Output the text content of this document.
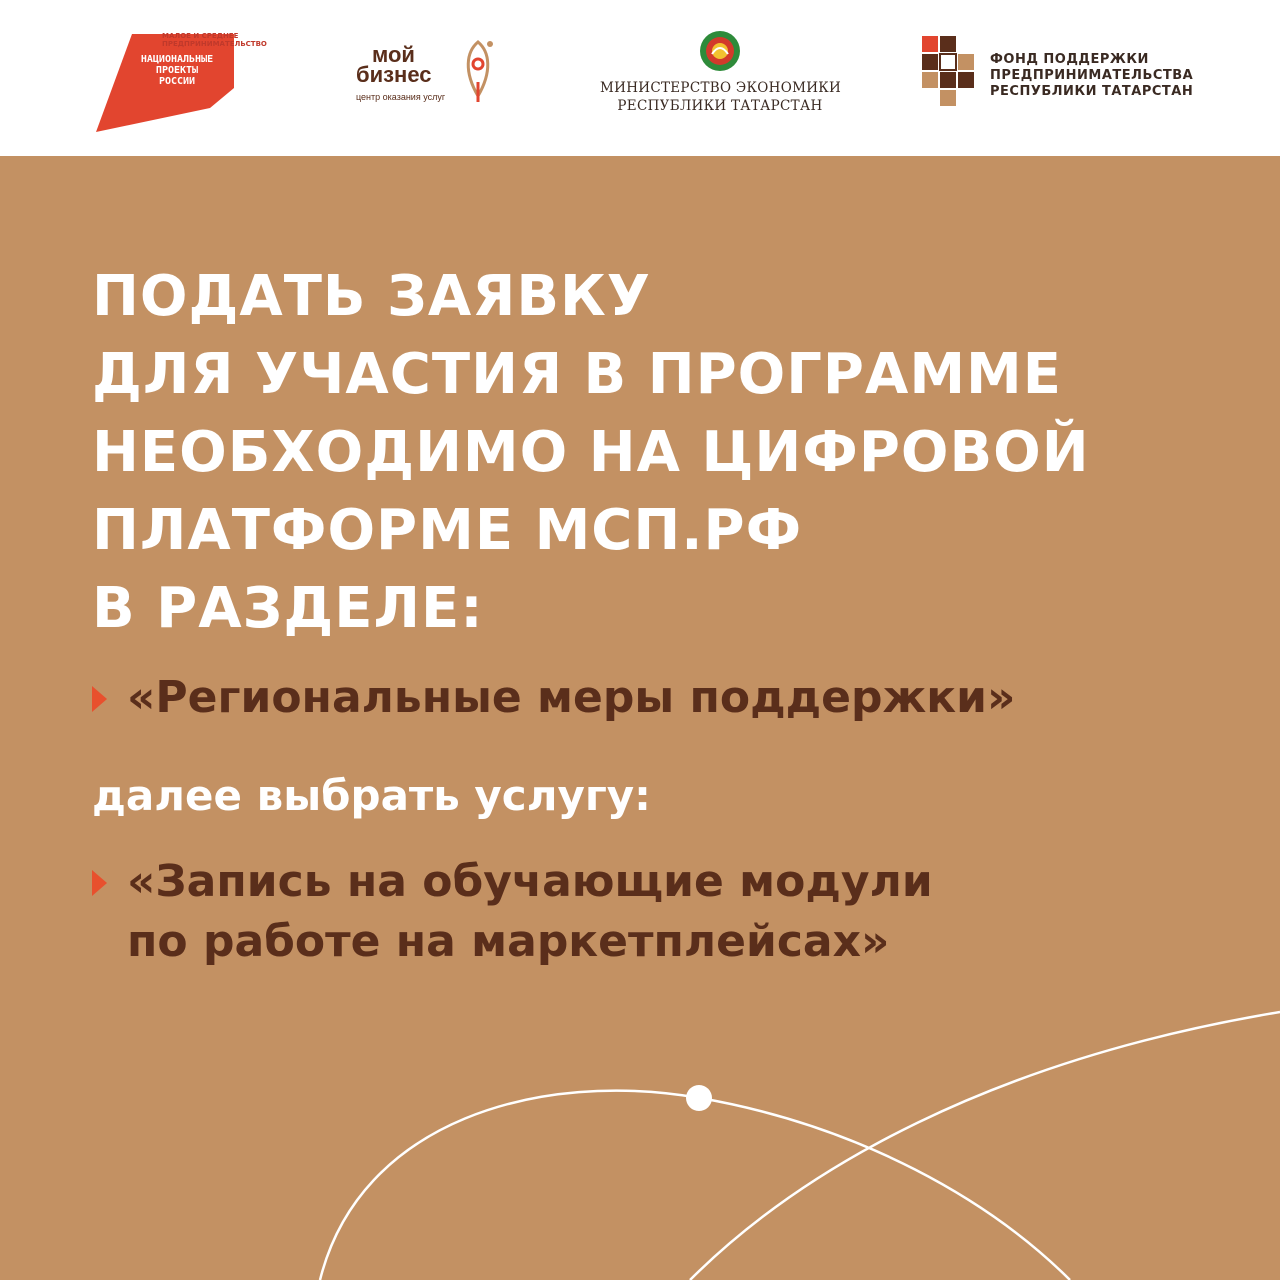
МАЛОЕ И СРЕДНЕЕ
ПРЕДПРИНИМАТЕЛЬСТВО
НАЦИОНАЛЬНЫЕ
ПРОЕКТЫ
РОССИИ
мой
бизнес
центр оказания услуг
МИНИСТЕРСТВО ЭКОНОМИКИ
РЕСПУБЛИКИ ТАТАРСТАН
ФОНД ПОДДЕРЖКИ
ПРЕДПРИНИМАТЕЛЬСТВА
РЕСПУБЛИКИ ТАТАРСТАН
ПОДАТЬ ЗАЯВКУ
ДЛЯ УЧАСТИЯ В ПРОГРАММЕ
НЕОБХОДИМО НА ЦИФРОВОЙ
ПЛАТФОРМЕ МСП.РФ
В РАЗДЕЛЕ:
«Региональные меры поддержки»
далее выбрать услугу:
«Запись на обучающие модули
по работе на маркетплейсах»
